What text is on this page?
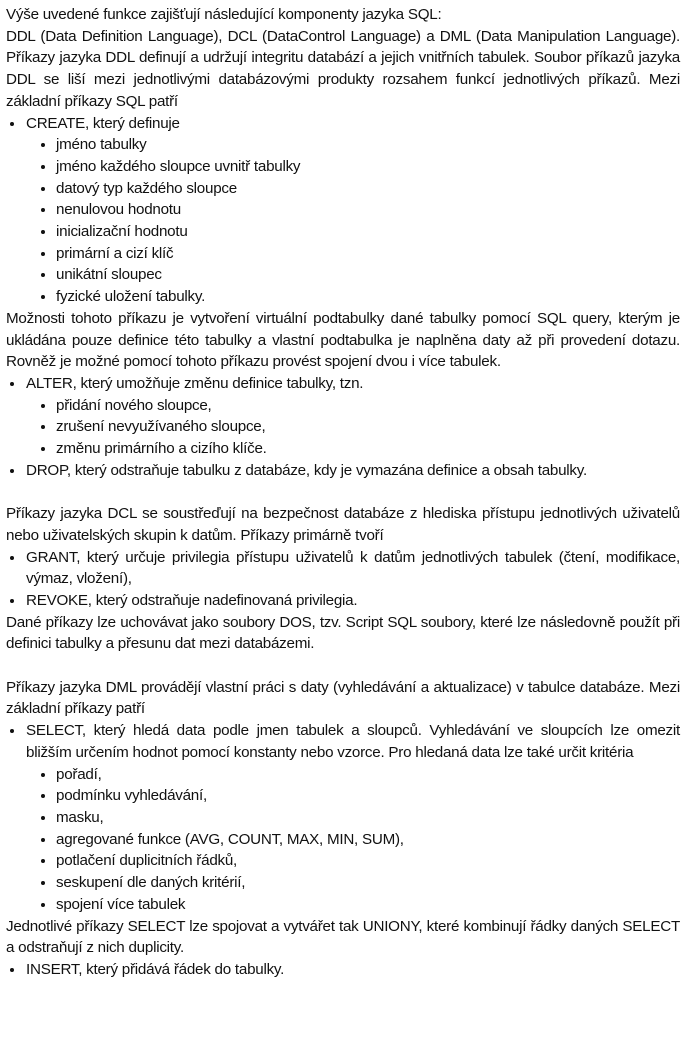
Výše uvedené funkce zajišťují následující komponenty jazyka SQL:

DDL (Data Definition Language), DCL (DataControl Language) a DML (Data Manipulation Language). Příkazy jazyka DDL definují a udržují integritu databází a jejich vnitřních tabulek. Soubor příkazů jazyka DDL se liší mezi jednotlivými databázovými produkty rozsahem funkcí jednotlivých příkazů. Mezi základní příkazy SQL patří

CREATE, který definuje
jméno tabulky
jméno každého sloupce uvnitř tabulky
datový typ každého sloupce
nenulovou hodnotu
inicializační hodnotu
primární a cizí klíč
unikátní sloupec
fyzické uložení tabulky.

Možnosti tohoto příkazu je vytvoření virtuální podtabulky dané tabulky pomocí SQL query, kterým je ukládána pouze definice této tabulky a vlastní podtabulka je naplněna daty až při provedení dotazu. Rovněž je možné pomocí tohoto příkazu provést spojení dvou i více tabulek.

ALTER, který umožňuje změnu definice tabulky, tzn.
přidání nového sloupce,
zrušení nevyužívaného sloupce,
změnu primárního a cizího klíče.
DROP, který odstraňuje tabulku z databáze, kdy je vymazána definice a obsah tabulky.

Příkazy jazyka DCL se soustřeďují na bezpečnost databáze z hlediska přístupu jednotlivých uživatelů nebo uživatelských skupin k datům. Příkazy primárně tvoří

GRANT, který určuje privilegia přístupu uživatelů k datům jednotlivých tabulek (čtení, modifikace, výmaz, vložení),
REVOKE, který odstraňuje nadefinovaná privilegia.

Dané příkazy lze uchovávat jako soubory DOS, tzv. Script SQL soubory, které lze následovně použít při definici tabulky a přesunu dat mezi databázemi.

Příkazy jazyka DML provádějí vlastní práci s daty (vyhledávání a aktualizace) v tabulce databáze. Mezi základní příkazy patří

SELECT, který hledá data podle jmen tabulek a sloupců. Vyhledávání ve sloupcích lze omezit bližším určením hodnot pomocí konstanty nebo vzorce. Pro hledaná data lze také určit kritéria
pořadí,
podmínku vyhledávání,
masku,
agregované funkce (AVG, COUNT, MAX, MIN, SUM),
potlačení duplicitních řádků,
seskupení dle daných kritérií,
spojení více tabulek

Jednotlivé příkazy SELECT lze spojovat a vytvářet tak UNIONY, které kombinují řádky daných SELECT a odstraňují z nich duplicity.

INSERT, který přidává řádek do tabulky.
